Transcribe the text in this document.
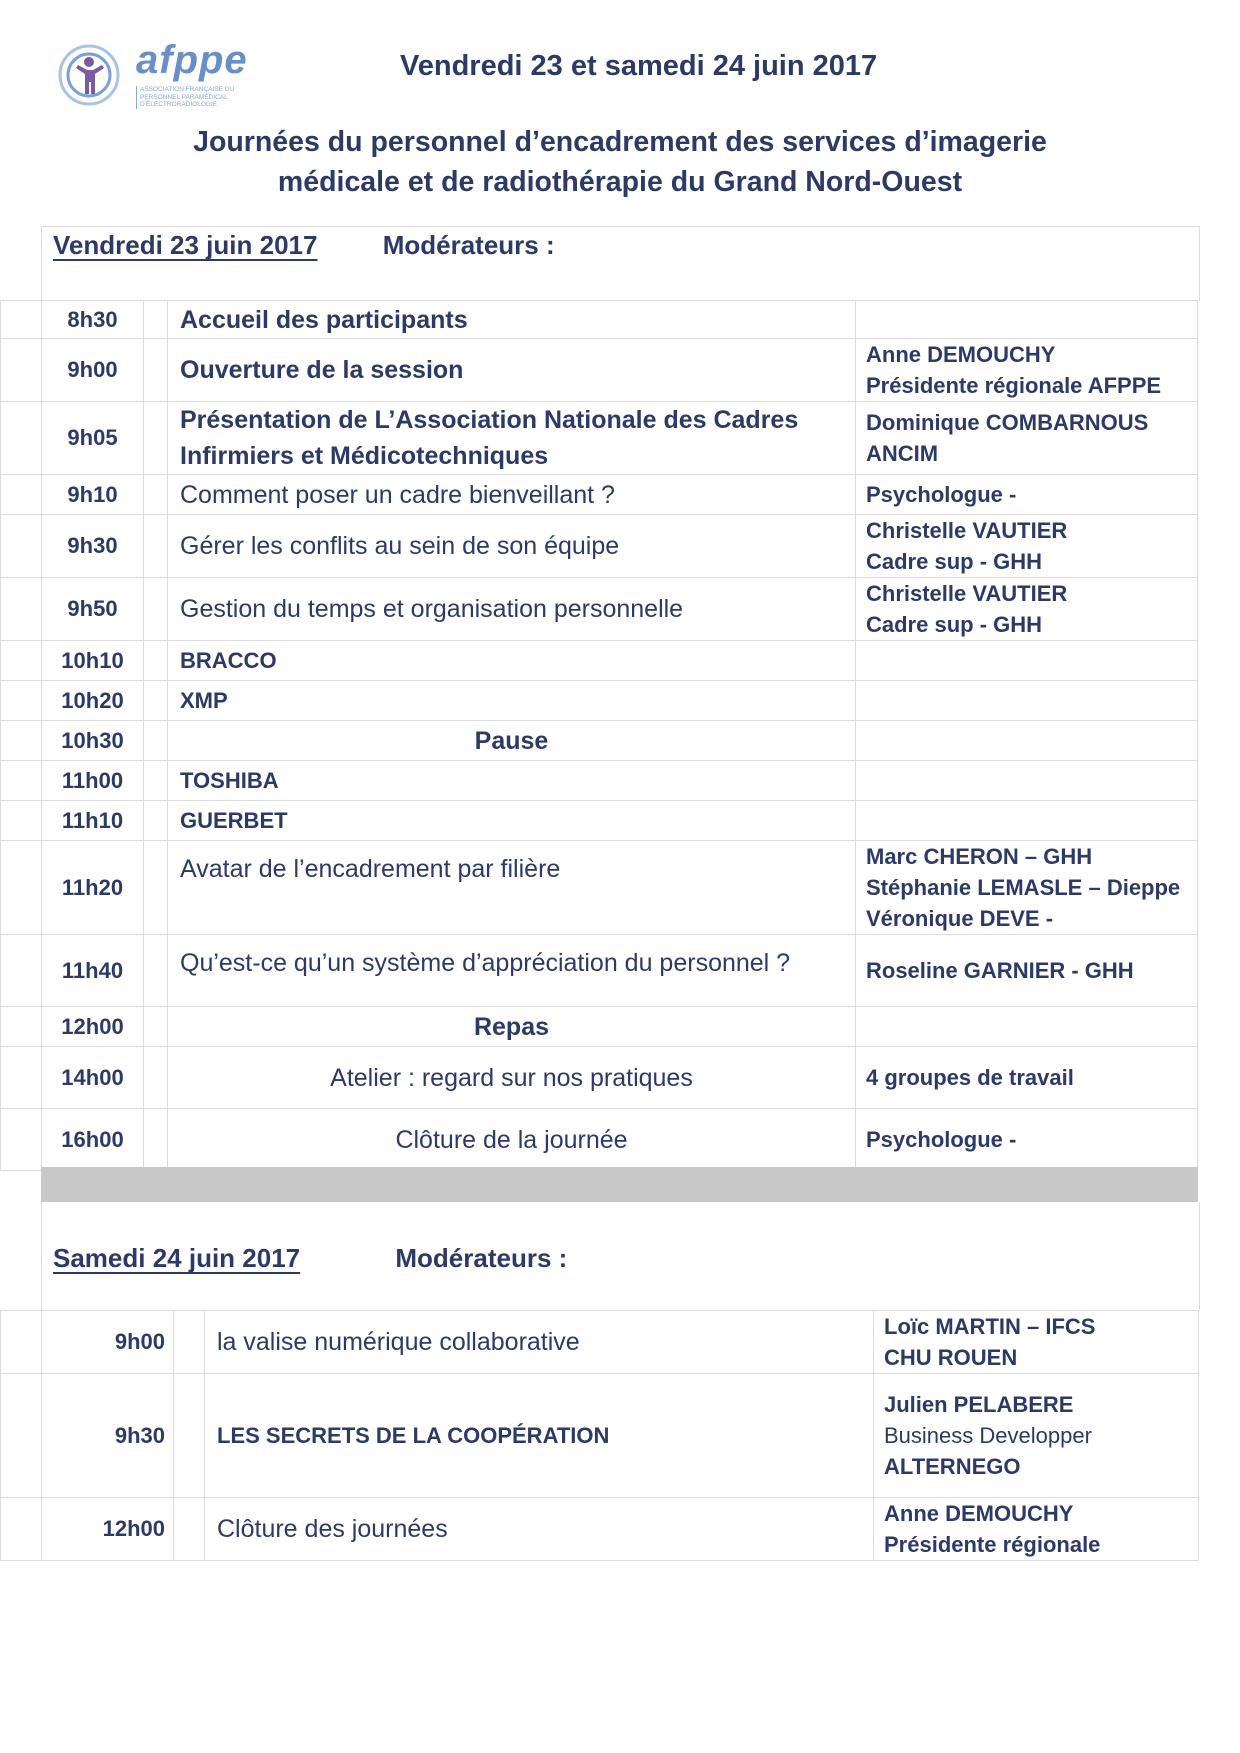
afppe
ASSOCIATION FRANÇAISE DU PERSONNEL PARAMÉDICAL D'ÉLECTRORADIOLOGIE
Vendredi 23 et samedi 24 juin 2017
Journées du personnel d’encadrement des services d’imagerie
médicale et de radiothérapie du Grand Nord-Ouest
Vendredi 23 juin 2017	Modérateurs :
	8h30		Accueil des participants	
	9h00		Ouverture de la session	Anne DEMOUCHY
Présidente régionale AFPPE

	9h05		Présentation de L’Association Nationale des Cadres Infirmiers et Médicotechniques	Dominique COMBARNOUS
ANCIM

	9h10		Comment poser un cadre bienveillant ?	Psychologue -

	9h30		Gérer les conflits au sein de son équipe	Christelle VAUTIER
Cadre sup - GHH

	9h50		Gestion du temps et organisation personnelle	Christelle VAUTIER
Cadre sup - GHH

	10h10		BRACCO	
	10h20		XMP	
	10h30		Pause	
	11h00		TOSHIBA	
	11h10		GUERBET	
	11h20		Avatar de l’encadrement par filière	Marc CHERON – GHH
Stéphanie LEMASLE – Dieppe
Véronique DEVE -

	11h40		Qu’est-ce qu’un système d’appréciation du personnel ?	Roseline GARNIER - GHH

	12h00		Repas	
	14h00		Atelier : regard sur nos pratiques	4 groupes de travail

	16h00		Clôture de la journée	Psychologue -
Samedi 24 juin 2017	Modérateurs :
	9h00		la valise numérique collaborative	Loïc MARTIN – IFCS
CHU ROUEN

	9h30		LES SECRETS DE LA COOPÉRATION	Julien PELABERE
Business Developper
ALTERNEGO

	12h00		Clôture des journées	Anne DEMOUCHY
Présidente régionale
